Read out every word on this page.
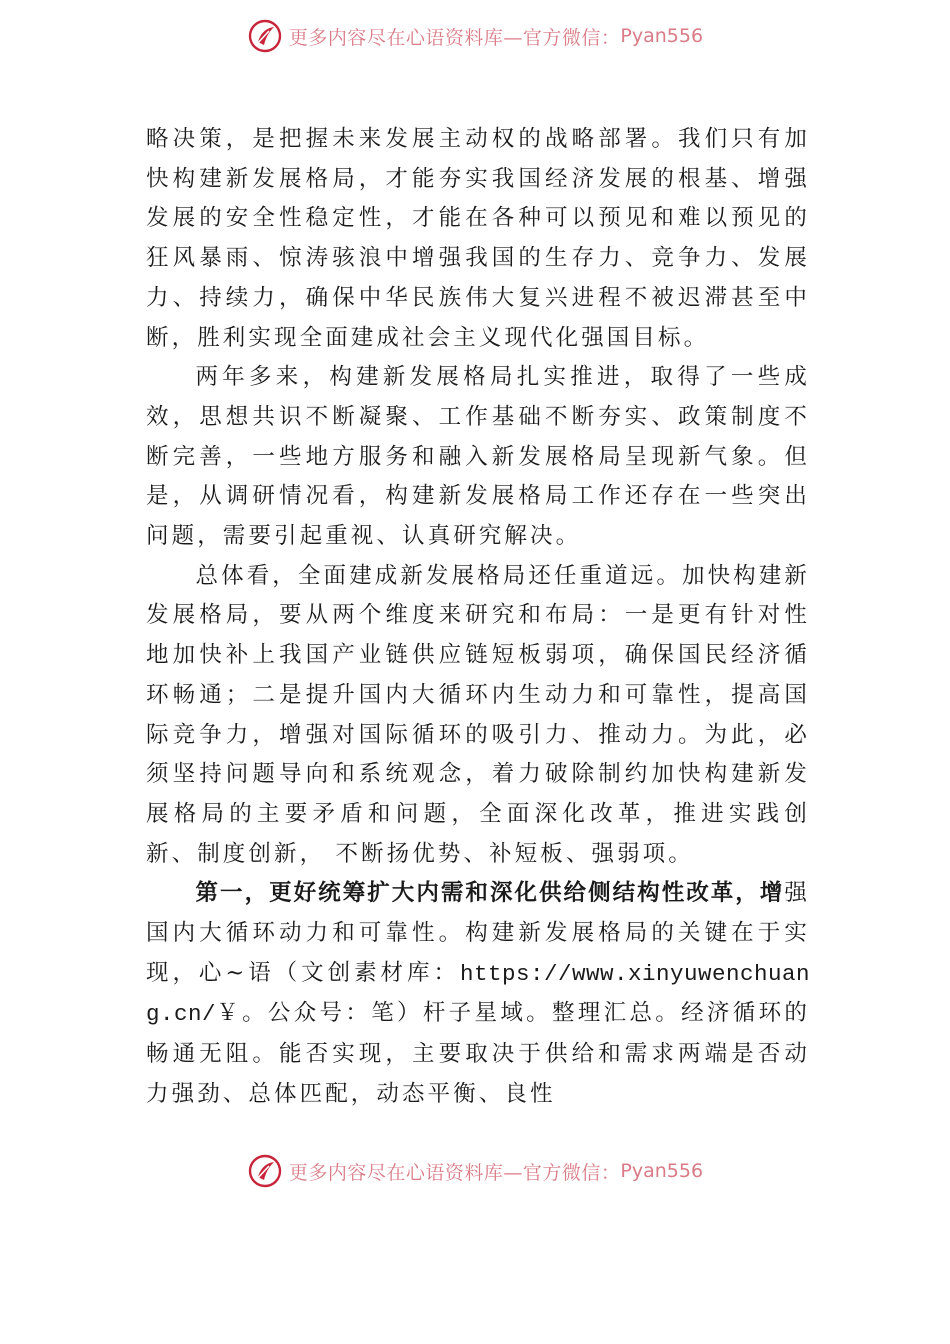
更多内容尽在心语资料库—官方微信： Pyan556

略决策，是把握未来发展主动权的战略部署。我们只有加快构建新发展格局，才能夯实我国经济发展的根基、增强发展的安全性稳定性，才能在各种可以预见和难以预见的狂风暴雨、惊涛骇浪中增强我国的生存力、竞争力、发展力、持续力，确保中华民族伟大复兴进程不被迟滞甚至中断，胜利实现全面建成社会主义现代化强国目标。

两年多来，构建新发展格局扎实推进，取得了一些成效，思想共识不断凝聚、工作基础不断夯实、政策制度不断完善，一些地方服务和融入新发展格局呈现新气象。但是，从调研情况看，构建新发展格局工作还存在一些突出问题，需要引起重视、认真研究解决。

总体看，全面建成新发展格局还任重道远。加快构建新发展格局，要从两个维度来研究和布局：一是更有针对性地加快补上我国产业链供应链短板弱项，确保国民经济循环畅通；二是提升国内大循环内生动力和可靠性，提高国际竞争力，增强对国际循环的吸引力、推动力。为此，必须坚持问题导向和系统观念，着力破除制约加快构建新发展格局的主要矛盾和问题，全面深化改革，推进实践创新、制度创新， 不断扬优势、补短板、强弱项。

第一，更好统筹扩大内需和深化供给侧结构性改革，增强国内大循环动力和可靠性。构建新发展格局的关键在于实现，心~语（文创素材库：https://www.xinyuwenchuang.cn/￥。公众号：笔）杆子星域。整理汇总。经济循环的畅通无阻。能否实现，主要取决于供给和需求两端是否动力强劲、总体匹配，动态平衡、良性

更多内容尽在心语资料库—官方微信： Pyan556
